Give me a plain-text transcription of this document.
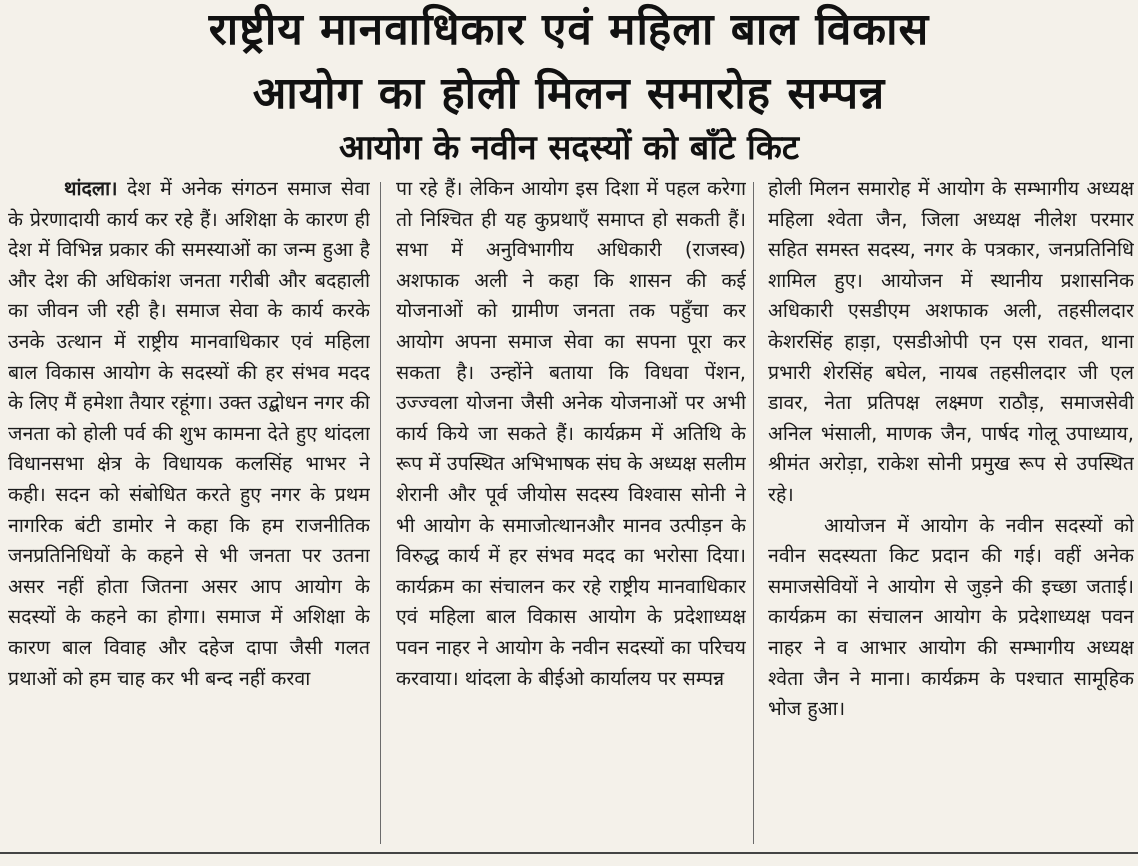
राष्ट्रीय मानवाधिकार एवं महिला बाल विकास
आयोग का होली मिलन समारोह सम्पन्न
आयोग के नवीन सदस्यों को बाँटे किट

थांदला। देश में अनेक संगठन समाज सेवा के प्रेरणादायी कार्य कर रहे हैं। अशिक्षा के कारण ही देश में विभिन्न प्रकार की समस्याओं का जन्म हुआ है और देश की अधिकांश जनता गरीबी और बदहाली का जीवन जी रही है। समाज सेवा के कार्य करके उनके उत्थान में राष्ट्रीय मानवाधिकार एवं महिला बाल विकास आयोग के सदस्यों की हर संभव मदद के लिए मैं हमेशा तैयार रहूंगा। उक्त उद्बोधन नगर की जनता को होली पर्व की शुभ कामना देते हुए थांदला विधानसभा क्षेत्र के विधायक कलसिंह भाभर ने कही। सदन को संबोधित करते हुए नगर के प्रथम नागरिक बंटी डामोर ने कहा कि हम राजनीतिक जनप्रतिनिधियों के कहने से भी जनता पर उतना असर नहीं होता जितना असर आप आयोग के सदस्यों के कहने का होगा। समाज में अशिक्षा के कारण बाल विवाह और दहेज दापा जैसी गलत प्रथाओं को हम चाह कर भी बन्द नहीं करवा

पा रहे हैं। लेकिन आयोग इस दिशा में पहल करेगा तो निश्चित ही यह कुप्रथाएँ समाप्त हो सकती हैं। सभा में अनुविभागीय अधिकारी (राजस्व) अशफाक अली ने कहा कि शासन की कई योजनाओं को ग्रामीण जनता तक पहुँचा कर आयोग अपना समाज सेवा का सपना पूरा कर सकता है। उन्होंने बताया कि विधवा पेंशन, उज्ज्वला योजना जैसी अनेक योजनाओं पर अभी कार्य किये जा सकते हैं। कार्यक्रम में अतिथि के रूप में उपस्थित अभिभाषक संघ के अध्यक्ष सलीम शेरानी और पूर्व जीयोस सदस्य विश्वास सोनी ने भी आयोग के समाजोत्थानऔर मानव उत्पीड़न के विरुद्ध कार्य में हर संभव मदद का भरोसा दिया। कार्यक्रम का संचालन कर रहे राष्ट्रीय मानवाधिकार एवं महिला बाल विकास आयोग के प्रदेशाध्यक्ष पवन नाहर ने आयोग के नवीन सदस्यों का परिचय करवाया। थांदला के बीईओ कार्यालय पर सम्पन्न

होली मिलन समारोह में आयोग के सम्भागीय अध्यक्ष महिला श्वेता जैन, जिला अध्यक्ष नीलेश परमार सहित समस्त सदस्य, नगर के पत्रकार, जनप्रतिनिधि शामिल हुए। आयोजन में स्थानीय प्रशासनिक अधिकारी एसडीएम अशफाक अली, तहसीलदार केशरसिंह हाड़ा, एसडीओपी एन एस रावत, थाना प्रभारी शेरसिंह बघेल, नायब तहसीलदार जी एल डावर, नेता प्रतिपक्ष लक्ष्मण राठौड़, समाजसेवी अनिल भंसाली, माणक जैन, पार्षद गोलू उपाध्याय, श्रीमंत अरोड़ा, राकेश सोनी प्रमुख रूप से उपस्थित रहे।

आयोजन में आयोग के नवीन सदस्यों को नवीन सदस्यता किट प्रदान की गई। वहीं अनेक समाजसेवियों ने आयोग से जुड़ने की इच्छा जताई। कार्यक्रम का संचालन आयोग के प्रदेशाध्यक्ष पवन नाहर ने व आभार आयोग की सम्भागीय अध्यक्ष श्वेता जैन ने माना। कार्यक्रम के पश्चात सामूहिक भोज हुआ।
